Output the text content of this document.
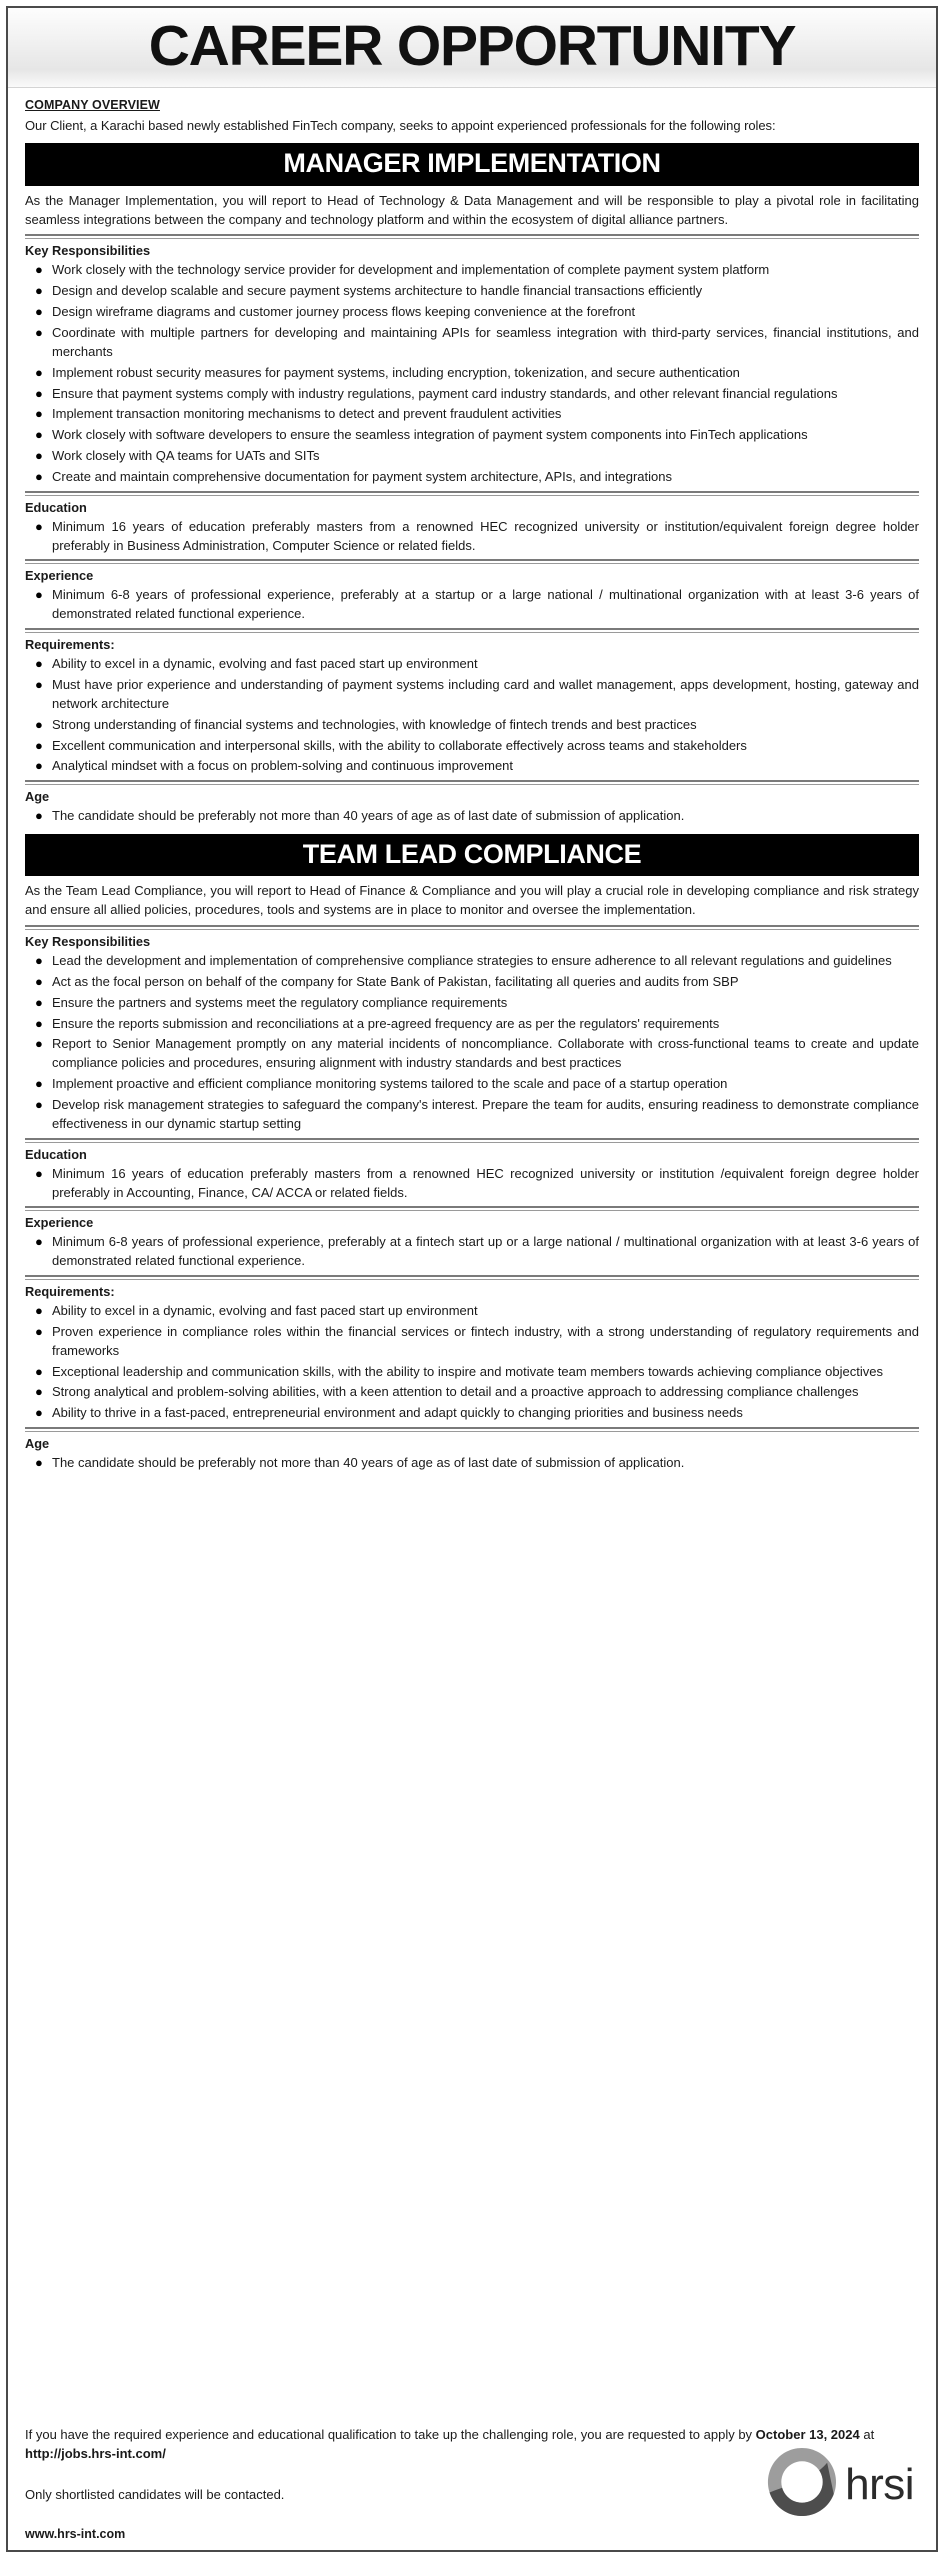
CAREER OPPORTUNITY
COMPANY OVERVIEW

Our Client, a Karachi based newly established FinTech company, seeks to appoint experienced professionals for the following roles:

MANAGER IMPLEMENTATION

As the Manager Implementation, you will report to Head of Technology & Data Management and will be responsible to play a pivotal role in facilitating seamless integrations between the company and technology platform and within the ecosystem of digital alliance partners.

Key Responsibilities
● Work closely with the technology service provider for development and implementation of complete payment system platform
● Design and develop scalable and secure payment systems architecture to handle financial transactions efficiently
● Design wireframe diagrams and customer journey process flows keeping convenience at the forefront
● Coordinate with multiple partners for developing and maintaining APIs for seamless integration with third-party services, financial institutions, and merchants
● Implement robust security measures for payment systems, including encryption, tokenization, and secure authentication
● Ensure that payment systems comply with industry regulations, payment card industry standards, and other relevant financial regulations
● Implement transaction monitoring mechanisms to detect and prevent fraudulent activities
● Work closely with software developers to ensure the seamless integration of payment system components into FinTech applications
● Work closely with QA teams for UATs and SITs
● Create and maintain comprehensive documentation for payment system architecture, APIs, and integrations
Education
● Minimum 16 years of education preferably masters from a renowned HEC recognized university or institution/equivalent foreign degree holder preferably in Business Administration, Computer Science or related fields.
Experience
● Minimum 6-8 years of professional experience, preferably at a startup or a large national / multinational organization with at least 3-6 years of demonstrated related functional experience.
Requirements:
● Ability to excel in a dynamic, evolving and fast paced start up environment
● Must have prior experience and understanding of payment systems including card and wallet management, apps development, hosting, gateway and network architecture
● Strong understanding of financial systems and technologies, with knowledge of fintech trends and best practices
● Excellent communication and interpersonal skills, with the ability to collaborate effectively across teams and stakeholders
● Analytical mindset with a focus on problem-solving and continuous improvement
Age
● The candidate should be preferably not more than 40 years of age as of last date of submission of application.
TEAM LEAD COMPLIANCE

As the Team Lead Compliance, you will report to Head of Finance & Compliance and you will play a crucial role in developing compliance and risk strategy and ensure all allied policies, procedures, tools and systems are in place to monitor and oversee the implementation.

Key Responsibilities
● Lead the development and implementation of comprehensive compliance strategies to ensure adherence to all relevant regulations and guidelines
● Act as the focal person on behalf of the company for State Bank of Pakistan, facilitating all queries and audits from SBP
● Ensure the partners and systems meet the regulatory compliance requirements
● Ensure the reports submission and reconciliations at a pre-agreed frequency are as per the regulators' requirements
● Report to Senior Management promptly on any material incidents of noncompliance. Collaborate with cross-functional teams to create and update compliance policies and procedures, ensuring alignment with industry standards and best practices
● Implement proactive and efficient compliance monitoring systems tailored to the scale and pace of a startup operation
● Develop risk management strategies to safeguard the company's interest. Prepare the team for audits, ensuring readiness to demonstrate compliance effectiveness in our dynamic startup setting
Education
● Minimum 16 years of education preferably masters from a renowned HEC recognized university or institution /equivalent foreign degree holder preferably in Accounting, Finance, CA/ ACCA or related fields.
Experience
● Minimum 6-8 years of professional experience, preferably at a fintech start up or a large national / multinational organization with at least 3-6 years of demonstrated related functional experience.
Requirements:
● Ability to excel in a dynamic, evolving and fast paced start up environment
● Proven experience in compliance roles within the financial services or fintech industry, with a strong understanding of regulatory requirements and frameworks
● Exceptional leadership and communication skills, with the ability to inspire and motivate team members towards achieving compliance objectives
● Strong analytical and problem-solving abilities, with a keen attention to detail and a proactive approach to addressing compliance challenges
● Ability to thrive in a fast-paced, entrepreneurial environment and adapt quickly to changing priorities and business needs
Age
● The candidate should be preferably not more than 40 years of age as of last date of submission of application.

If you have the required experience and educational qualification to take up the challenging role, you are requested to apply by October 13, 2024 at http://jobs.hrs-int.com/

Only shortlisted candidates will be contacted.

www.hrs-int.com

hrsi
